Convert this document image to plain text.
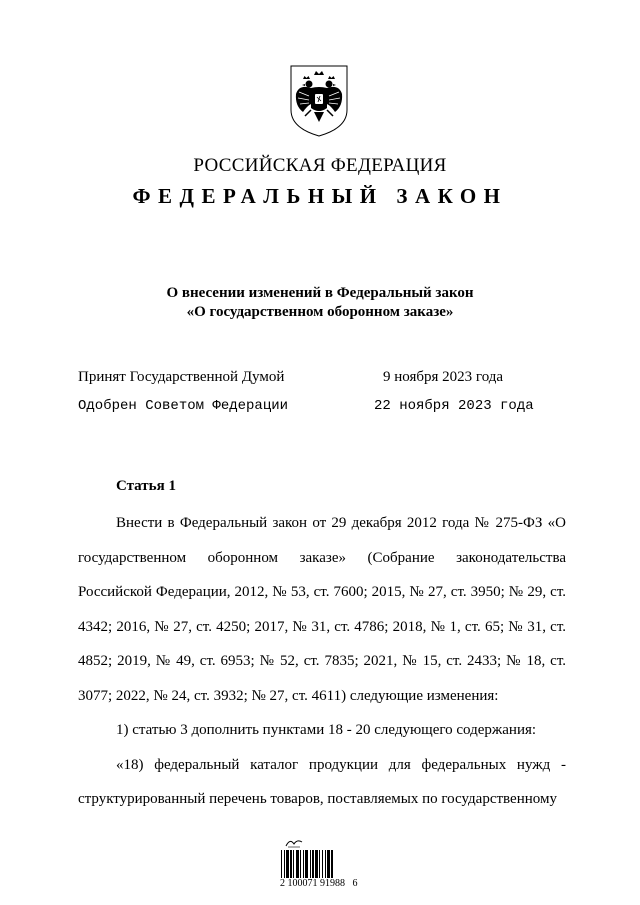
РОССИЙСКАЯ ФЕДЕРАЦИЯ
ФЕДЕРАЛЬНЫЙ ЗАКОН
О внесении изменений в Федеральный закон
«О государственном оборонном заказе»
Принят Государственной Думой	9 ноября 2023 года
Одобрен Советом Федерации	22 ноября 2023 года
Статья 1

Внести в Федеральный закон от 29 декабря 2012 года № 275-ФЗ «О государственном оборонном заказе» (Собрание законодательства Российской Федерации, 2012, № 53, ст. 7600; 2015, № 27, ст. 3950; № 29, ст. 4342; 2016, № 27, ст. 4250; 2017, № 31, ст. 4786; 2018, № 1, ст. 65; № 31, ст. 4852; 2019, № 49, ст. 6953; № 52, ст. 7835; 2021, № 15, ст. 2433; № 18, ст. 3077; 2022, № 24, ст. 3932; № 27, ст. 4611) следующие изменения:

1) статью 3 дополнить пунктами 18 - 20 следующего содержания:

«18) федеральный каталог продукции для федеральных нужд - структурированный перечень товаров, поставляемых по государственному

2 100071 91988   6
